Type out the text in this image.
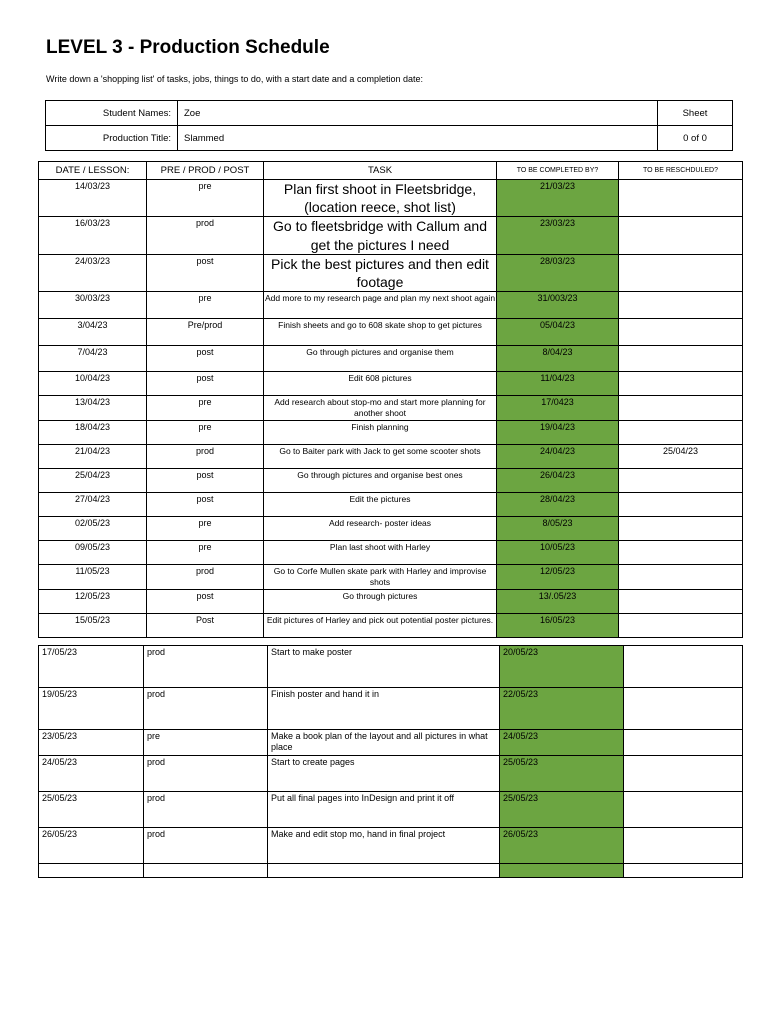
LEVEL 3 - Production Schedule
Write down a 'shopping list' of tasks, jobs, things to do, with a start date and a completion date:
Student Names:	Zoe	Sheet
Production Title:	Slammed	0 of 0
DATE / LESSON:	PRE / PROD / POST	TASK	TO BE COMPLETED BY?	TO BE RESCHDULED?
14/03/23	pre	Plan first shoot in Fleetsbridge, (location reece, shot list)	21/03/23	
16/03/23	prod	Go to fleetsbridge with Callum and get the pictures I need	23/03/23	
24/03/23	post	Pick the best pictures and then edit footage	28/03/23	
30/03/23	pre	Add more to my research page and plan my next shoot again	31/003/23	
3/04/23	Pre/prod	Finish sheets and go to 608 skate shop to get pictures	05/04/23	
7/04/23	post	Go through pictures and organise them	8/04/23	
10/04/23	post	Edit 608 pictures	11/04/23	
13/04/23	pre	Add research about stop-mo and start more planning for another shoot	17/0423	
18/04/23	pre	Finish planning	19/04/23	
21/04/23	prod	Go to Baiter park with Jack to get some scooter shots	24/04/23	25/04/23
25/04/23	post	Go through pictures and organise best ones	26/04/23	
27/04/23	post	Edit the pictures	28/04/23	
02/05/23	pre	Add research- poster ideas	8/05/23	
09/05/23	pre	Plan last shoot with Harley	10/05/23	
11/05/23	prod	Go to Corfe Mullen skate park with Harley and improvise shots	12/05/23	
12/05/23	post	Go through pictures	13/.05/23	
15/05/23	Post	Edit pictures of Harley and pick out potential poster pictures.	16/05/23	
17/05/23	prod	Start to make poster	20/05/23	
19/05/23	prod	Finish poster and hand it in	22/05/23	
23/05/23	pre	Make a book plan of the layout and all pictures in what place	24/05/23	
24/05/23	prod	Start to create pages	25/05/23	
25/05/23	prod	Put all final pages into InDesign and print it off	25/05/23	
26/05/23	prod	Make and edit stop mo, hand in final project	26/05/23	
